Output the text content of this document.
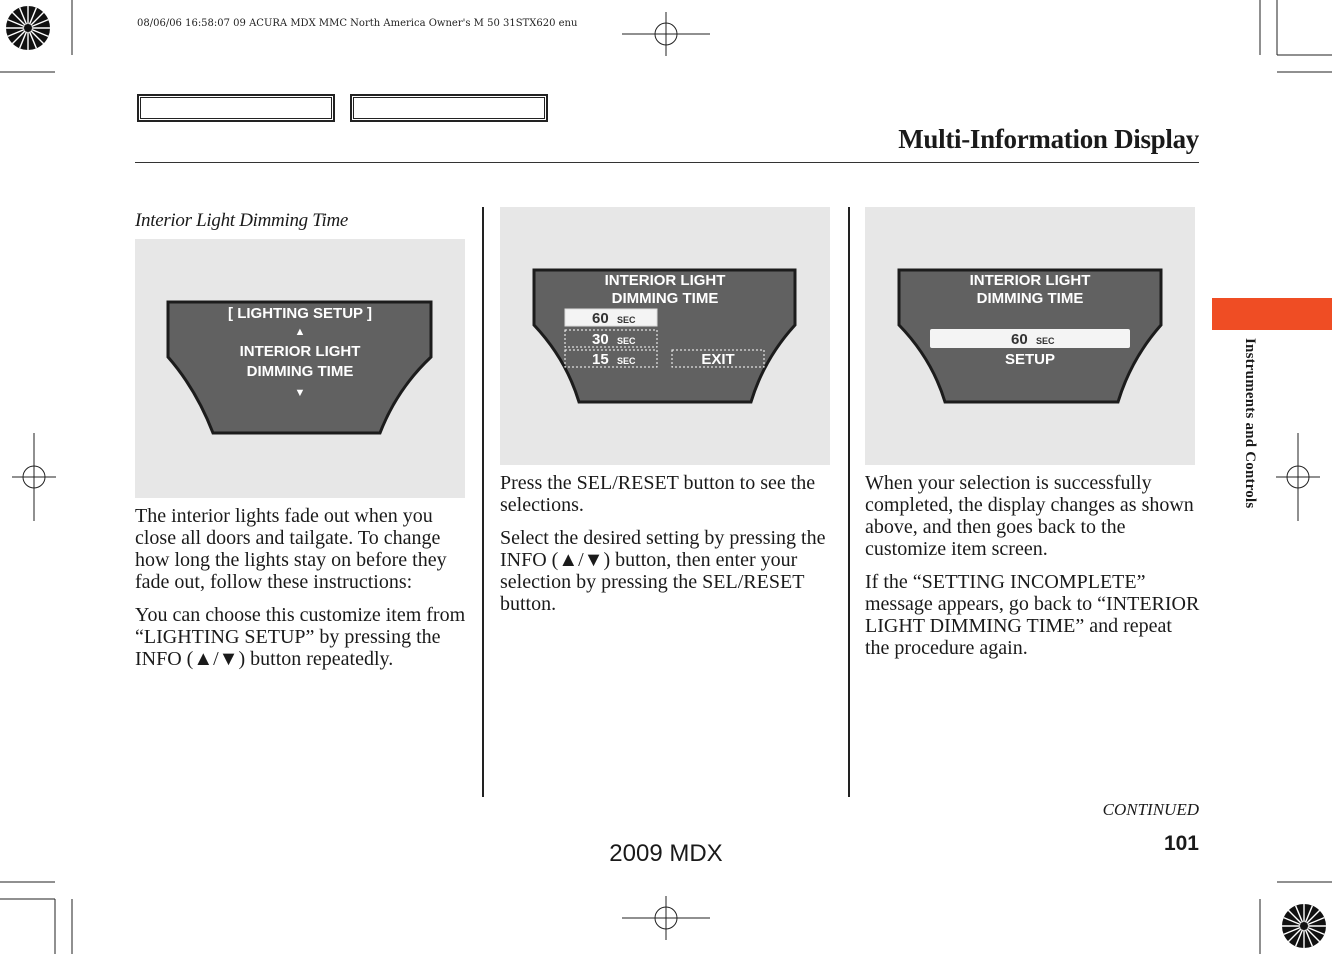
08/06/06 16:58:07 09 ACURA MDX MMC North America Owner's M 50 31STX620 enu
Multi-Information Display
Instruments and Controls
Interior Light Dimming Time
[ LIGHTING SETUP ]
▲
INTERIOR LIGHT
DIMMING TIME
▼

The interior lights fade out when you close all doors and tailgate. To change how long the lights stay on before they fade out, follow these instructions:

You can choose this customize item from “LIGHTING SETUP” by pressing the INFO (▲/▼) button repeatedly.

INTERIOR LIGHT
DIMMING TIME
60 SEC
30 SEC
15 SEC	EXIT

Press the SEL/RESET button to see the selections.

Select the desired setting by pressing the INFO (▲/▼) button, then enter your selection by pressing the SEL/RESET button.

INTERIOR LIGHT
DIMMING TIME
60 SEC
SETUP

When your selection is successfully completed, the display changes as shown above, and then goes back to the customize item screen.

If the “SETTING INCOMPLETE” message appears, go back to “INTERIOR LIGHT DIMMING TIME” and repeat the procedure again.

CONTINUED
101
2009 MDX
